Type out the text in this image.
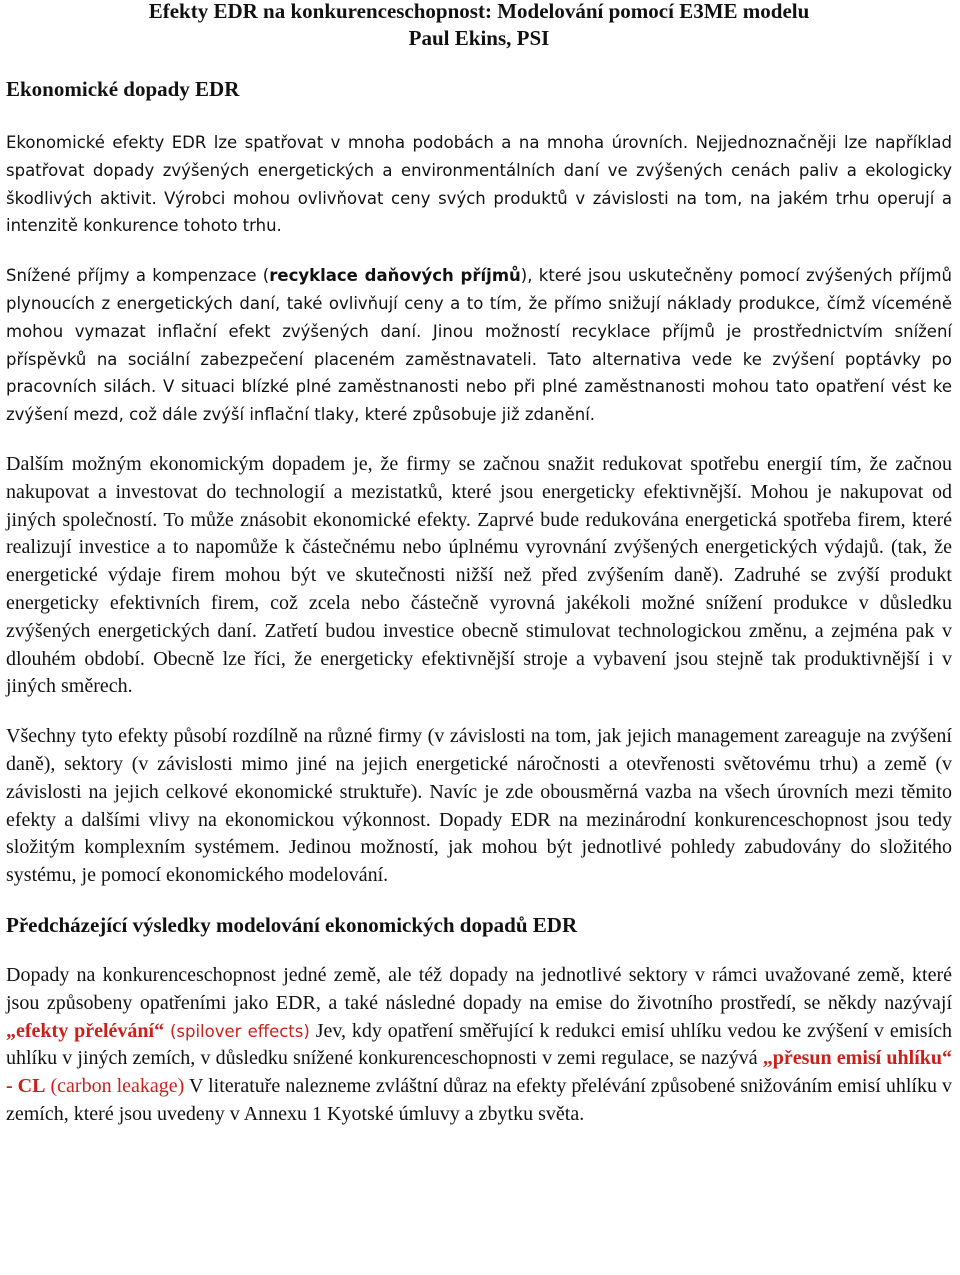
Efekty EDR na konkurenceschopnost: Modelování pomocí E3ME modelu
Paul Ekins, PSI
Ekonomické dopady EDR

Ekonomické efekty EDR lze spatřovat v mnoha podobách a na mnoha úrovních. Nejjednoznačněji lze například spatřovat dopady zvýšených energetických a environmentálních daní ve zvýšených cenách paliv a ekologicky škodlivých aktivit. Výrobci mohou ovlivňovat ceny svých produktů v závislosti na tom, na jakém trhu operují a intenzitě konkurence tohoto trhu.

Snížené příjmy a kompenzace (recyklace daňových příjmů), které jsou uskutečněny pomocí zvýšených příjmů plynoucích z energetických daní, také ovlivňují ceny a to tím, že přímo snižují náklady produkce, čímž víceméně mohou vymazat inflační efekt zvýšených daní. Jinou možností recyklace příjmů je prostřednictvím snížení příspěvků na sociální zabezpečení placeném zaměstnavateli. Tato alternativa vede ke zvýšení poptávky po pracovních silách. V situaci blízké plné zaměstnanosti nebo při plné zaměstnanosti mohou tato opatření vést ke zvýšení mezd, což dále zvýší inflační tlaky, které způsobuje již zdanění.

Dalším možným ekonomickým dopadem je, že firmy se začnou snažit redukovat spotřebu energií tím, že začnou nakupovat a investovat do technologií a mezistatků, které jsou energeticky efektivnější. Mohou je nakupovat od jiných společností. To může znásobit ekonomické efekty. Zaprvé bude redukována energetická spotřeba firem, které realizují investice a to napomůže k částečnému nebo úplnému vyrovnání zvýšených energetických výdajů. (tak, že energetické výdaje firem mohou být ve skutečnosti nižší než před zvýšením daně). Zadruhé se zvýší produkt energeticky efektivních firem, což zcela nebo částečně vyrovná jakékoli možné snížení produkce v důsledku zvýšených energetických daní. Zatřetí budou investice obecně stimulovat technologickou změnu, a zejména pak v dlouhém období. Obecně lze říci, že energeticky efektivnější stroje a vybavení jsou stejně tak produktivnější i v jiných směrech.

Všechny tyto efekty působí rozdílně na různé firmy (v závislosti na tom, jak jejich management zareaguje na zvýšení daně), sektory (v závislosti mimo jiné na jejich energetické náročnosti a otevřenosti světovému trhu) a země (v závislosti na jejich celkové ekonomické struktuře). Navíc je zde obousměrná vazba na všech úrovních mezi těmito efekty a dalšími vlivy na ekonomickou výkonnost. Dopady EDR na mezinárodní konkurenceschopnost jsou tedy složitým komplexním systémem. Jedinou možností, jak mohou být jednotlivé pohledy zabudovány do složitého systému, je pomocí ekonomického modelování.

Předcházející výsledky modelování ekonomických dopadů EDR

Dopady na konkurenceschopnost jedné země, ale též dopady na jednotlivé sektory v rámci uvažované země, které jsou způsobeny opatřeními jako EDR, a také následné dopady na emise do životního prostředí, se někdy nazývají „efekty přelévání“ (spilover effects) Jev, kdy opatření směřující k redukci emisí uhlíku vedou ke zvýšení v emisích uhlíku v jiných zemích, v důsledku snížené konkurenceschopnosti v zemi regulace, se nazývá „přesun emisí uhlíku“ - CL (carbon leakage) V literatuře nalezneme zvláštní důraz na efekty přelévání způsobené snižováním emisí uhlíku v zemích, které jsou uvedeny v Annexu 1 Kyotské úmluvy a zbytku světa.
